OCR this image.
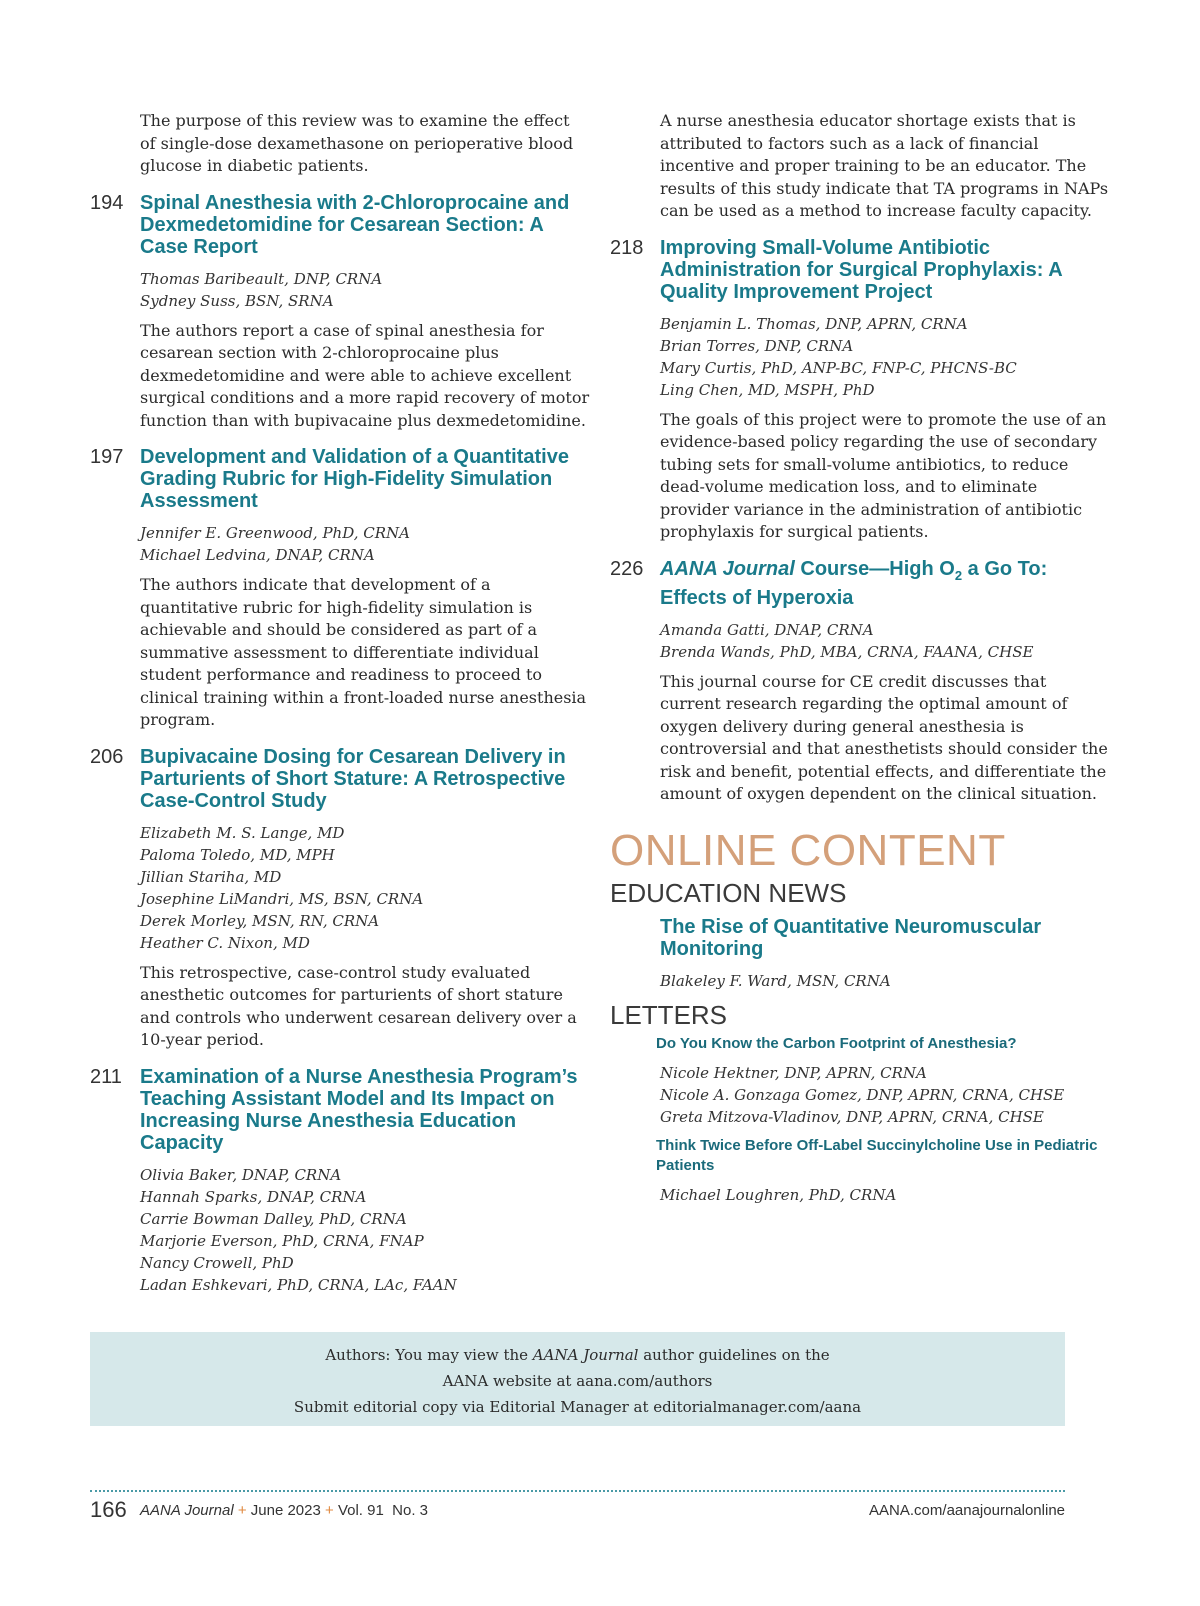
The purpose of this review was to examine the effect of single-dose dexamethasone on perioperative blood glucose in diabetic patients.

194 Spinal Anesthesia with 2-Chloroprocaine and Dexmedetomidine for Cesarean Section: A Case Report
Thomas Baribeault, DNP, CRNA
Sydney Suss, BSN, SRNA

The authors report a case of spinal anesthesia for cesarean section with 2-chloroprocaine plus dexmedetomidine and were able to achieve excellent surgical conditions and a more rapid recovery of motor function than with bupivacaine plus dexmedetomidine.

197 Development and Validation of a Quantitative Grading Rubric for High-Fidelity Simulation Assessment
Jennifer E. Greenwood, PhD, CRNA
Michael Ledvina, DNAP, CRNA

The authors indicate that development of a quantitative rubric for high-fidelity simulation is achievable and should be considered as part of a summative assessment to differentiate individual student performance and readiness to proceed to clinical training within a front-loaded nurse anesthesia program.

206 Bupivacaine Dosing for Cesarean Delivery in Parturients of Short Stature: A Retrospective Case-Control Study
Elizabeth M. S. Lange, MD
Paloma Toledo, MD, MPH
Jillian Stariha, MD
Josephine LiMandri, MS, BSN, CRNA
Derek Morley, MSN, RN, CRNA
Heather C. Nixon, MD

This retrospective, case-control study evaluated anesthetic outcomes for parturients of short stature and controls who underwent cesarean delivery over a 10-year period.

211 Examination of a Nurse Anesthesia Program’s Teaching Assistant Model and Its Impact on Increasing Nurse Anesthesia Education Capacity
Olivia Baker, DNAP, CRNA
Hannah Sparks, DNAP, CRNA
Carrie Bowman Dalley, PhD, CRNA
Marjorie Everson, PhD, CRNA, FNAP
Nancy Crowell, PhD
Ladan Eshkevari, PhD, CRNA, LAc, FAAN

A nurse anesthesia educator shortage exists that is attributed to factors such as a lack of financial incentive and proper training to be an educator. The results of this study indicate that TA programs in NAPs can be used as a method to increase faculty capacity.

218 Improving Small-Volume Antibiotic Administration for Surgical Prophylaxis: A Quality Improvement Project
Benjamin L. Thomas, DNP, APRN, CRNA
Brian Torres, DNP, CRNA
Mary Curtis, PhD, ANP-BC, FNP-C, PHCNS-BC
Ling Chen, MD, MSPH, PhD

The goals of this project were to promote the use of an evidence-based policy regarding the use of secondary tubing sets for small-volume antibiotics, to reduce dead-volume medication loss, and to eliminate provider variance in the administration of antibiotic prophylaxis for surgical patients.

226 AANA Journal Course—High $O_2$ a Go To: Effects of Hyperoxia
Amanda Gatti, DNAP, CRNA
Brenda Wands, PhD, MBA, CRNA, FAANA, CHSE

This journal course for CE credit discusses that current research regarding the optimal amount of oxygen delivery during general anesthesia is controversial and that anesthetists should consider the risk and benefit, potential effects, and differentiate the amount of oxygen dependent on the clinical situation.

ONLINE CONTENT
EDUCATION NEWS
The Rise of Quantitative Neuromuscular Monitoring
Blakeley F. Ward, MSN, CRNA
LETTERS
Do You Know the Carbon Footprint of Anesthesia?
Nicole Hektner, DNP, APRN, CRNA
Nicole A. Gonzaga Gomez, DNP, APRN, CRNA, CHSE
Greta Mitzova-Vladinov, DNP, APRN, CRNA, CHSE
Think Twice Before Off-Label Succinylcholine Use in Pediatric Patients
Michael Loughren, PhD, CRNA
Authors: You may view the AANA Journal author guidelines on the
AANA website at aana.com/authors
Submit editorial copy via Editorial Manager at editorialmanager.com/aana
166 AANA Journal + June 2023 + Vol. 91  No. 3	AANA.com/aanajournalonline
